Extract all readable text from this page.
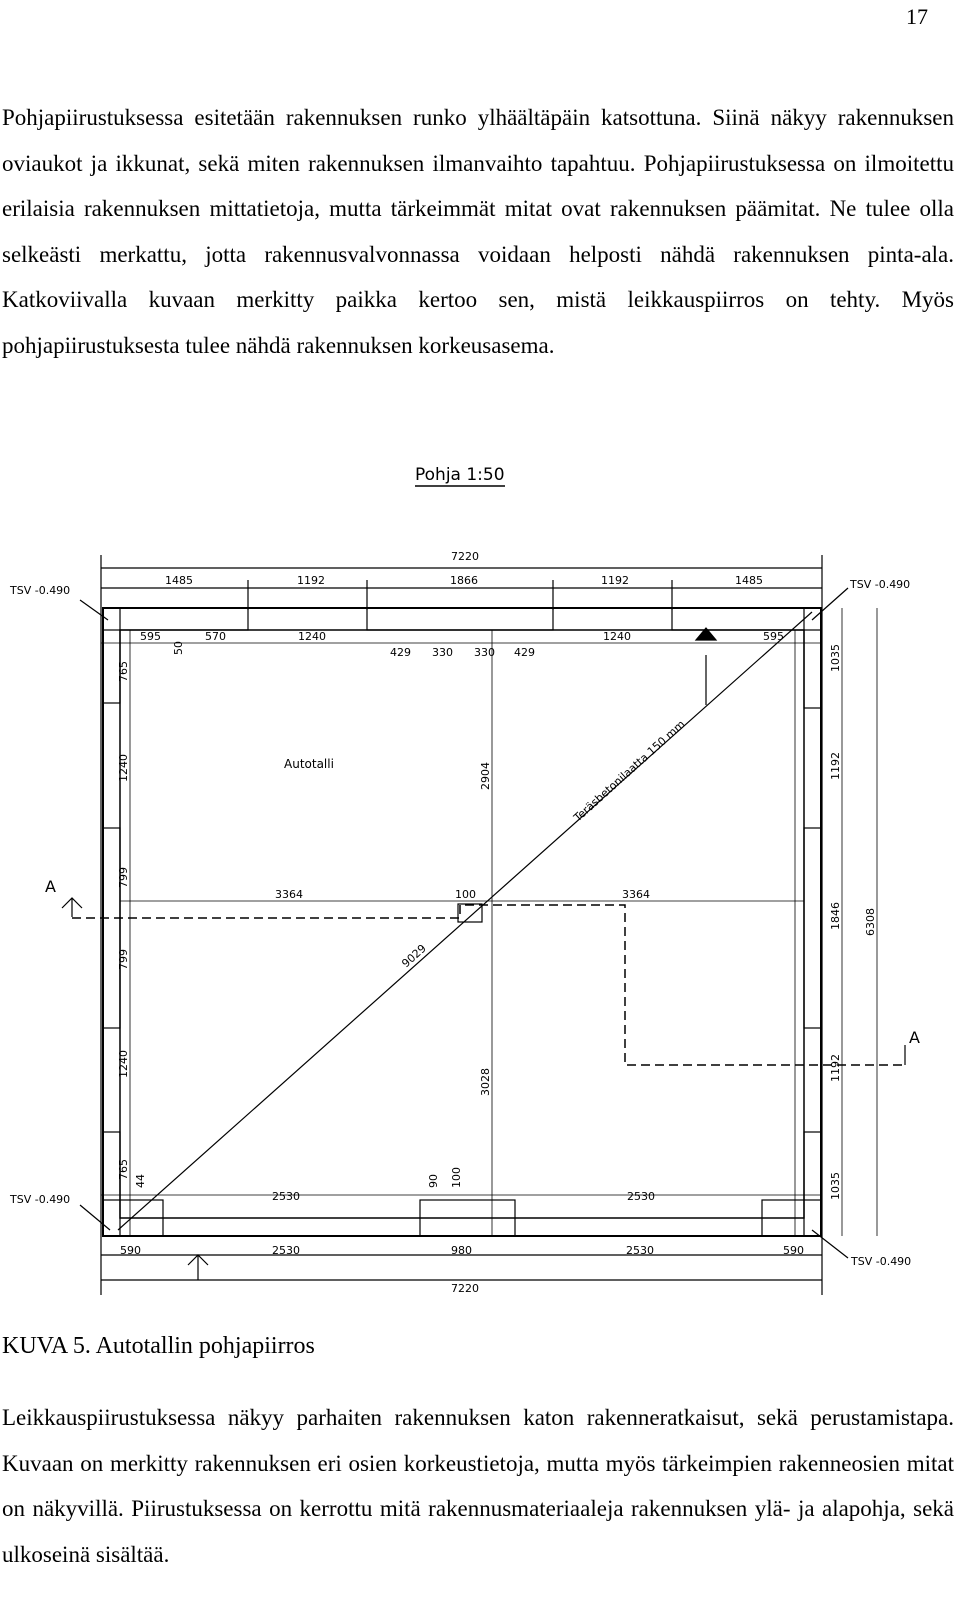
17

Pohjapiirustuksessa esitetään rakennuksen runko ylhäältäpäin katsottuna. Siinä näkyy rakennuksen oviaukot ja ikkunat, sekä miten rakennuksen ilmanvaihto tapahtuu. Pohjapiirustuksessa on ilmoitettu erilaisia rakennuksen mittatietoja, mutta tärkeimmät mitat ovat rakennuksen päämitat. Ne tulee olla selkeästi merkattu, jotta rakennusvalvonnassa voidaan helposti nähdä rakennuksen pinta-ala. Katkoviivalla kuvaan merkitty paikka kertoo sen, mistä leikkauspiirros on tehty. Myös pohjapiirustuksesta tulee nähdä rakennuksen korkeusasema.

Pohja 1:50
7220
1485	1192	1866	1192	1485
595	570	1240
429 330 330 429
1240	595
Autotalli	Teräsbetonilaatta 150 mm
3364	100	3364
2904
3028
9029
1035
1192
1846
1192
1035
6308
765
1240
799
799
1240
765
2530	2530
590	2530	980	2530	590
7220
50
100
90
44
A
A
TSV -0.490	TSV -0.490
TSV -0.490
TSV -0.490
KUVA 5. Autotallin pohjapiirros

Leikkauspiirustuksessa näkyy parhaiten rakennuksen katon rakenneratkaisut, sekä perustamistapa. Kuvaan on merkitty rakennuksen eri osien korkeustietoja, mutta myös tärkeimpien rakenneosien mitat on näkyvillä. Piirustuksessa on kerrottu mitä rakennusmateriaaleja rakennuksen ylä- ja alapohja, sekä ulkoseinä sisältää.
